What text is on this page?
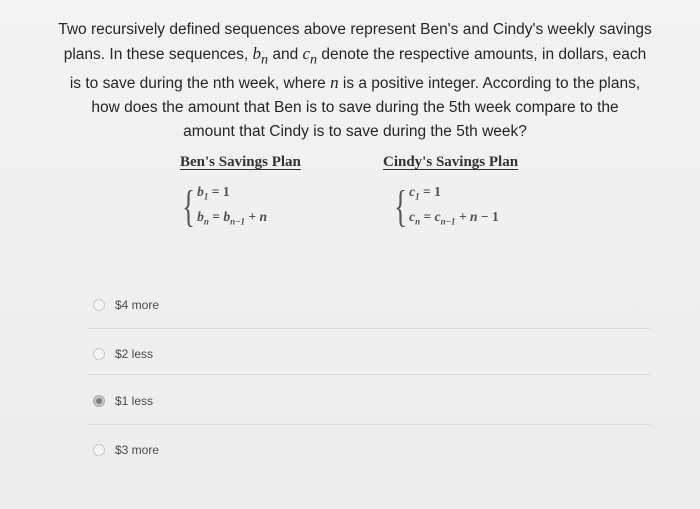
Two recursively defined sequences above represent Ben's and Cindy's weekly savings
plans. In these sequences, $b_n$ and $c_n$ denote the respective amounts, in dollars, each
is to save during the nth week, where n is a positive integer. According to the plans,
how does the amount that Ben is to save during the 5th week compare to the
amount that Cindy is to save during the 5th week?
Ben's Savings Plan	Cindy's Savings Plan
{ $b_1 = 1$
$b_n = b_{n-1} + n$	{ $c_1 = 1$
$c_n = c_{n-1} + n - 1$
$4 more
$2 less
$1 less
$3 more
